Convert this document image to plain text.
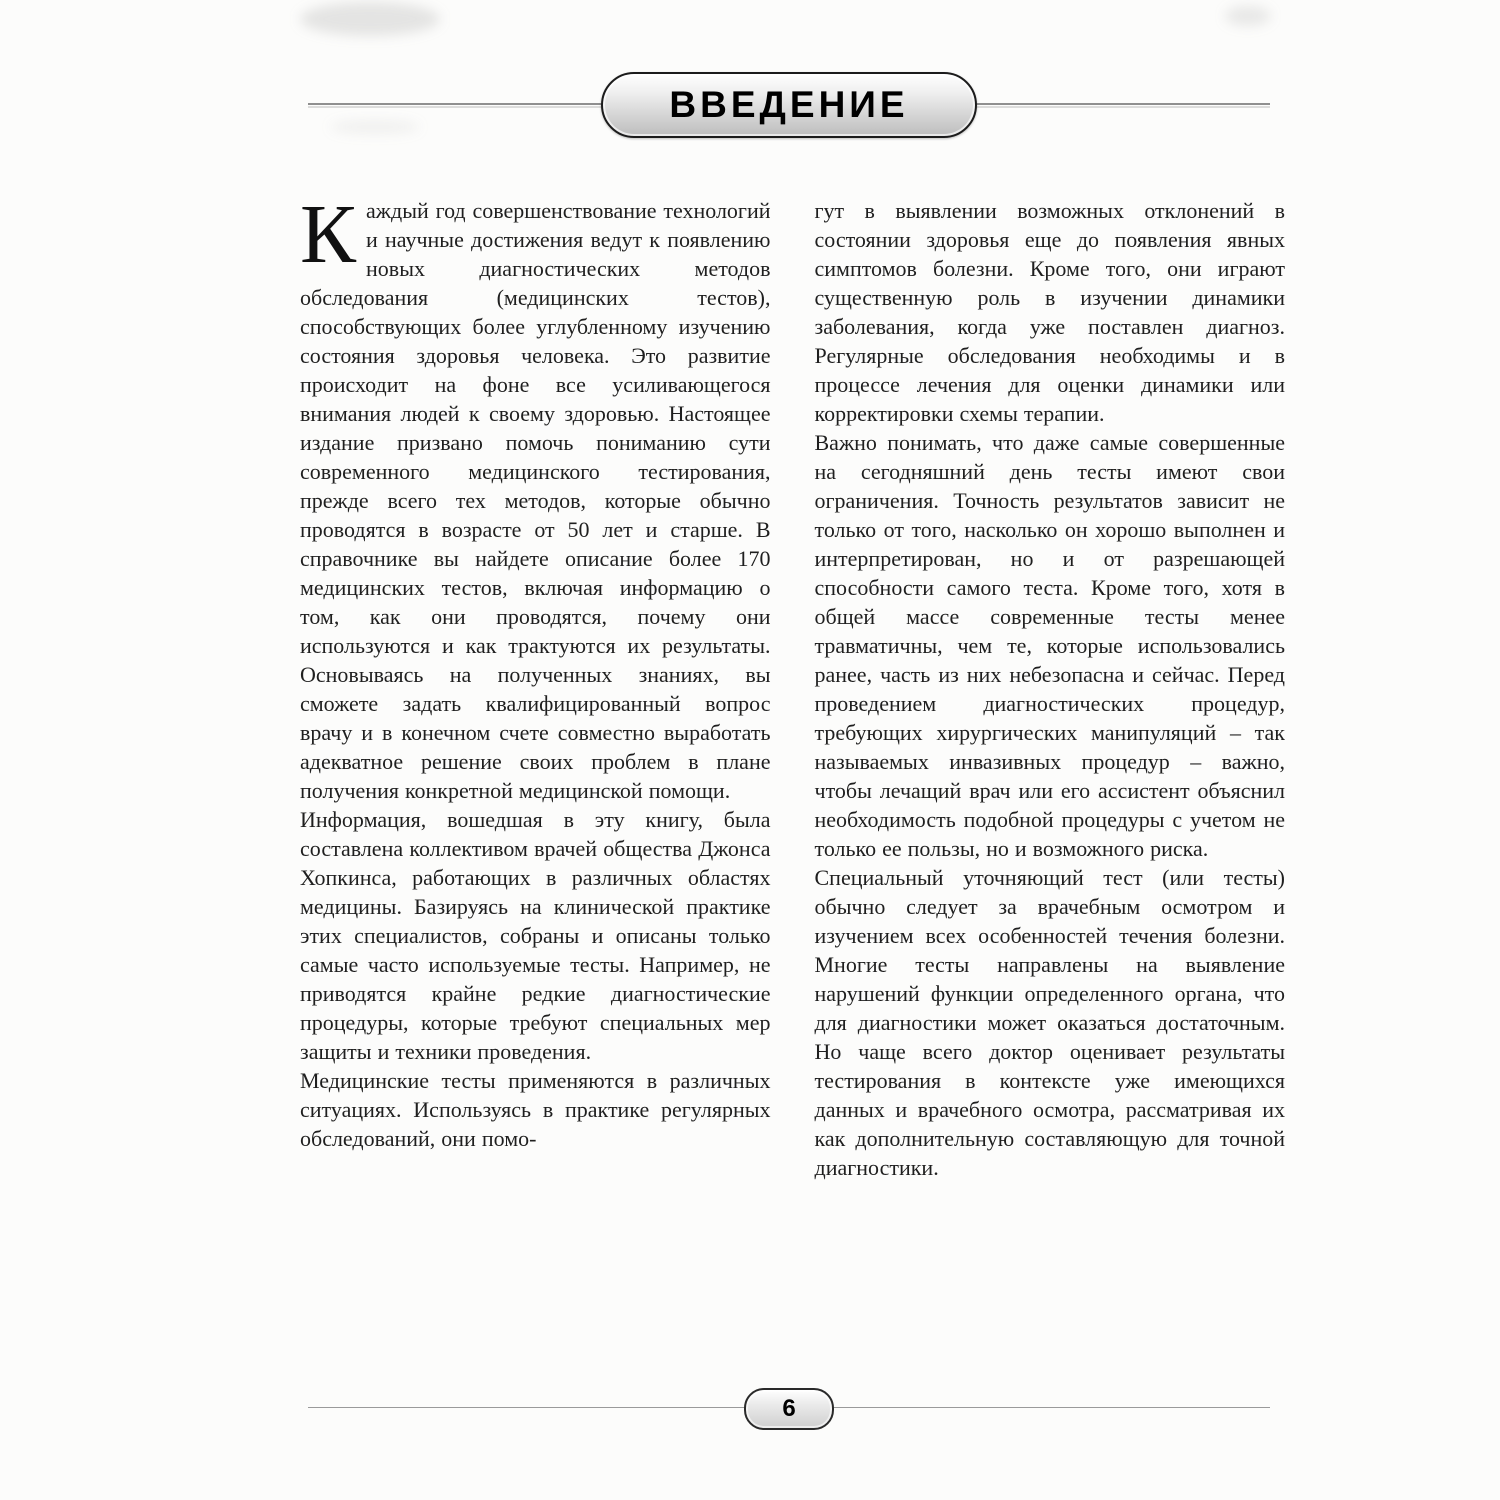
ВВЕДЕНИЕ

Каждый год совершенствование технологий и научные достижения ведут к появлению новых диагностических методов обследования (медицинских тестов), способствующих более углубленному изучению состояния здоровья человека. Это развитие происходит на фоне все усиливающегося внимания людей к своему здоровью. Настоящее издание призвано помочь пониманию сути современного медицинского тестирования, прежде всего тех методов, которые обычно проводятся в возрасте от 50 лет и старше. В справочнике вы найдете описание более 170 медицинских тестов, включая информацию о том, как они проводятся, почему они используются и как трактуются их результаты. Основываясь на полученных знаниях, вы сможете задать квалифицированный вопрос врачу и в конечном счете совместно выработать адекватное решение своих проблем в плане получения конкретной медицинской помощи.

Информация, вошедшая в эту книгу, была составлена коллективом врачей общества Джонса Хопкинса, работающих в различных областях медицины. Базируясь на клинической практике этих специалистов, собраны и описаны только самые часто используемые тесты. Например, не приводятся крайне редкие диагностические процедуры, которые требуют специальных мер защиты и техники проведения.

Медицинские тесты применяются в различных ситуациях. Используясь в практике регулярных обследований, они помо-

гут в выявлении возможных отклонений в состоянии здоровья еще до появления явных симптомов болезни. Кроме того, они играют существенную роль в изучении динамики заболевания, когда уже поставлен диагноз. Регулярные обследования необходимы и в процессе лечения для оценки динамики или корректировки схемы терапии.

Важно понимать, что даже самые совершенные на сегодняшний день тесты имеют свои ограничения. Точность результатов зависит не только от того, насколько он хорошо выполнен и интерпретирован, но и от разрешающей способности самого теста. Кроме того, хотя в общей массе современные тесты менее травматичны, чем те, которые использовались ранее, часть из них небезопасна и сейчас. Перед проведением диагностических процедур, требующих хирургических манипуляций – так называемых инвазивных процедур – важно, чтобы лечащий врач или его ассистент объяснил необходимость подобной процедуры с учетом не только ее пользы, но и возможного риска.

Специальный уточняющий тест (или тесты) обычно следует за врачебным осмотром и изучением всех особенностей течения болезни. Многие тесты направлены на выявление нарушений функции определенного органа, что для диагностики может оказаться достаточным. Но чаще всего доктор оценивает результаты тестирования в контексте уже имеющихся данных и врачебного осмотра, рассматривая их как дополнительную составляющую для точной диагностики.

6
